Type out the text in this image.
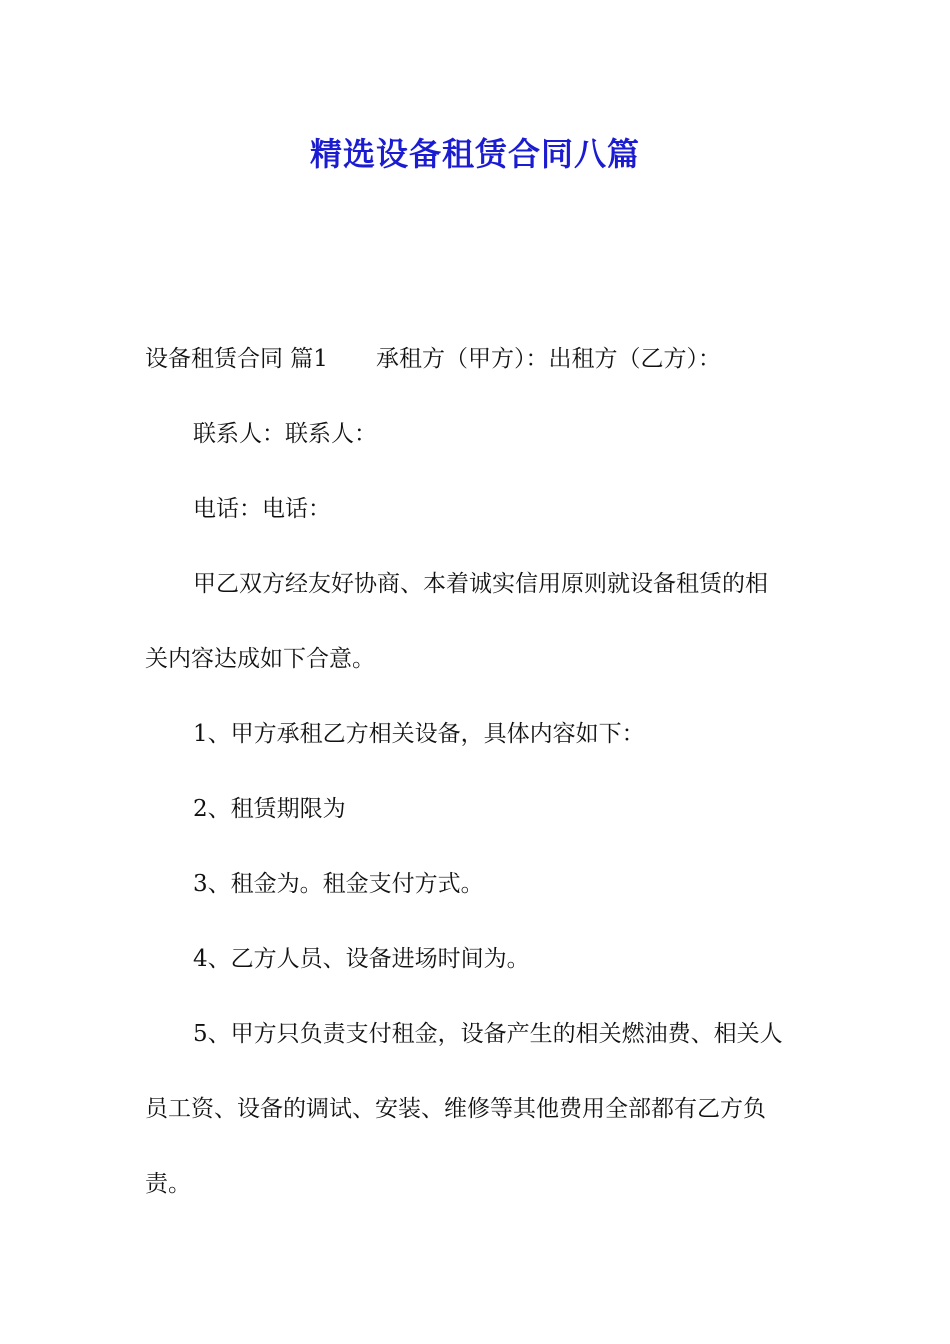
精选设备租赁合同八篇
设备租赁合同 篇1 承租方（甲方）：出租方（乙方）：
联系人：联系人：
电话：电话：
甲乙双方经友好协商、本着诚实信用原则就设备租赁的相
关内容达成如下合意。
1、甲方承租乙方相关设备，具体内容如下：
2、租赁期限为
3、租金为。租金支付方式。
4、乙方人员、设备进场时间为。
5、甲方只负责支付租金，设备产生的相关燃油费、相关人
员工资、设备的调试、安装、维修等其他费用全部都有乙方负
责。
